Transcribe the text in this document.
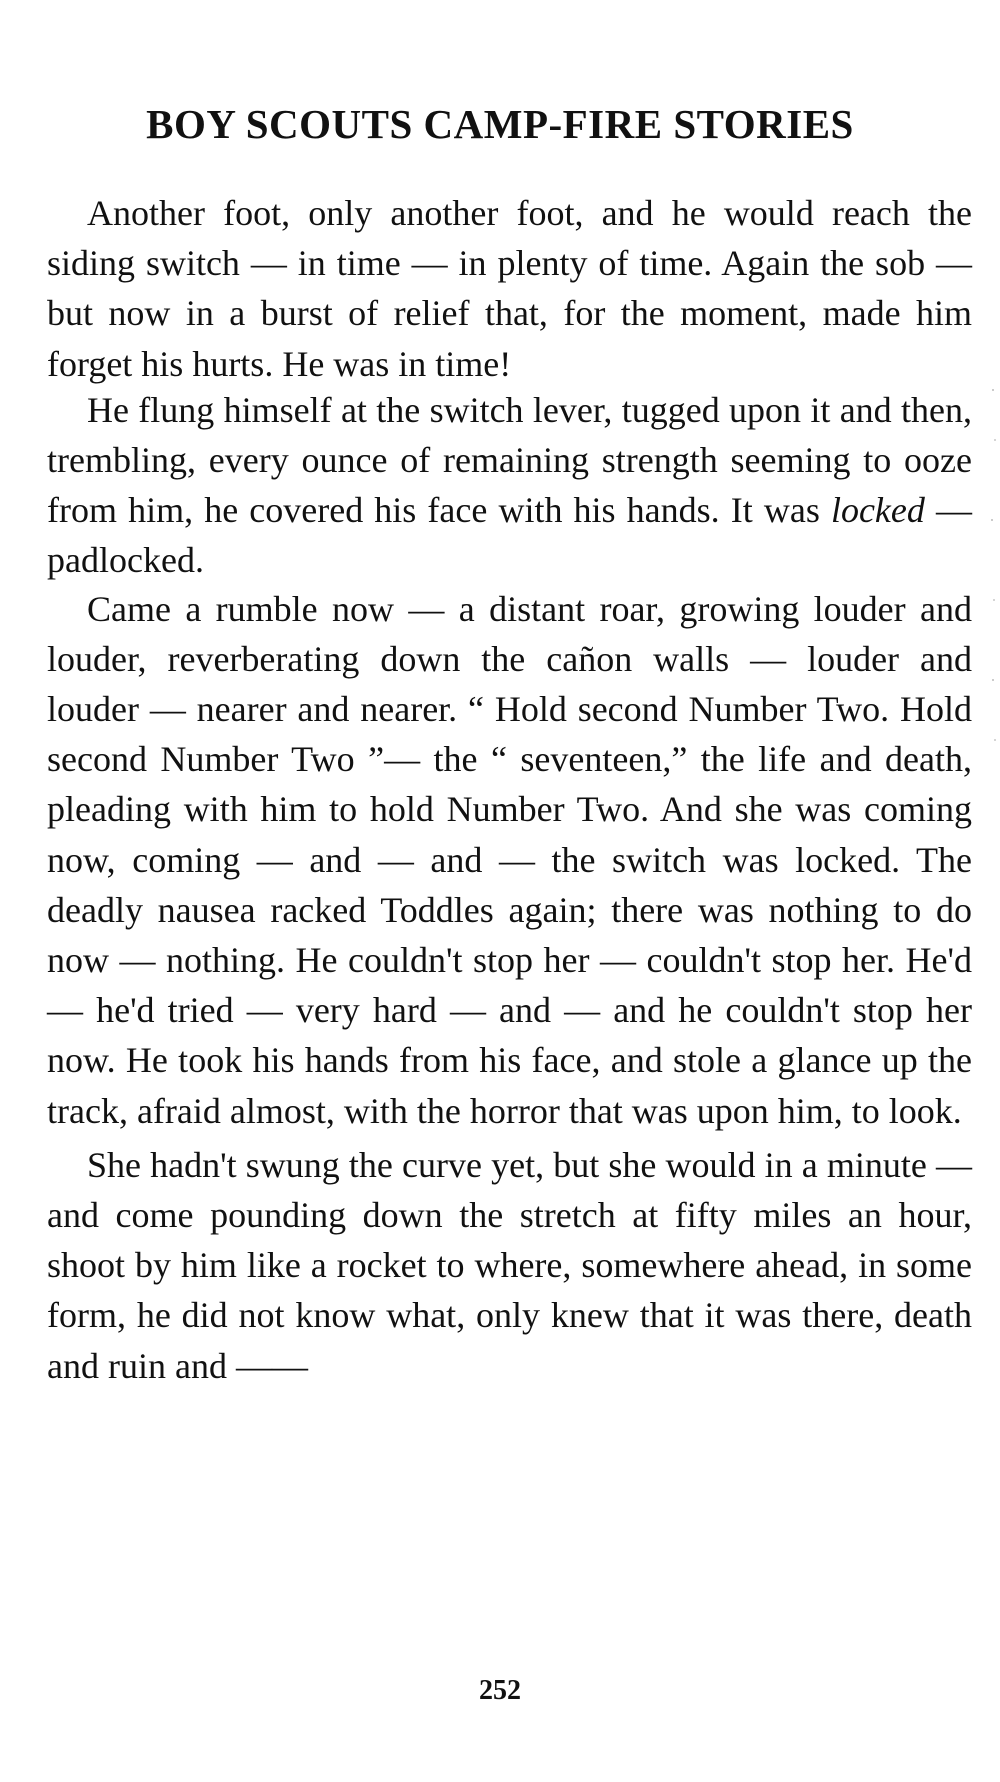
BOY SCOUTS CAMP-FIRE STORIES

Another foot, only another foot, and he would reach the siding switch — in time — in plenty of time. Again the sob — but now in a burst of relief that, for the moment, made him forget his hurts. He was in time!

He flung himself at the switch lever, tugged upon it and then, trembling, every ounce of remaining strength seeming to ooze from him, he covered his face with his hands. It was locked — padlocked.

Came a rumble now — a distant roar, growing louder and louder, reverberating down the cañon walls — louder and louder — nearer and nearer. “ Hold second Number Two. Hold second Number Two ”— the “ seventeen,” the life and death, pleading with him to hold Number Two. And she was coming now, coming — and — and — the switch was locked. The deadly nausea racked Toddles again; there was nothing to do now — nothing. He couldn't stop her — couldn't stop her. He'd — he'd tried — very hard — and — and he couldn't stop her now. He took his hands from his face, and stole a glance up the track, afraid almost, with the horror that was upon him, to look.

She hadn't swung the curve yet, but she would in a minute — and come pounding down the stretch at fifty miles an hour, shoot by him like a rocket to where, somewhere ahead, in some form, he did not know what, only knew that it was there, death and ruin and ——

252
